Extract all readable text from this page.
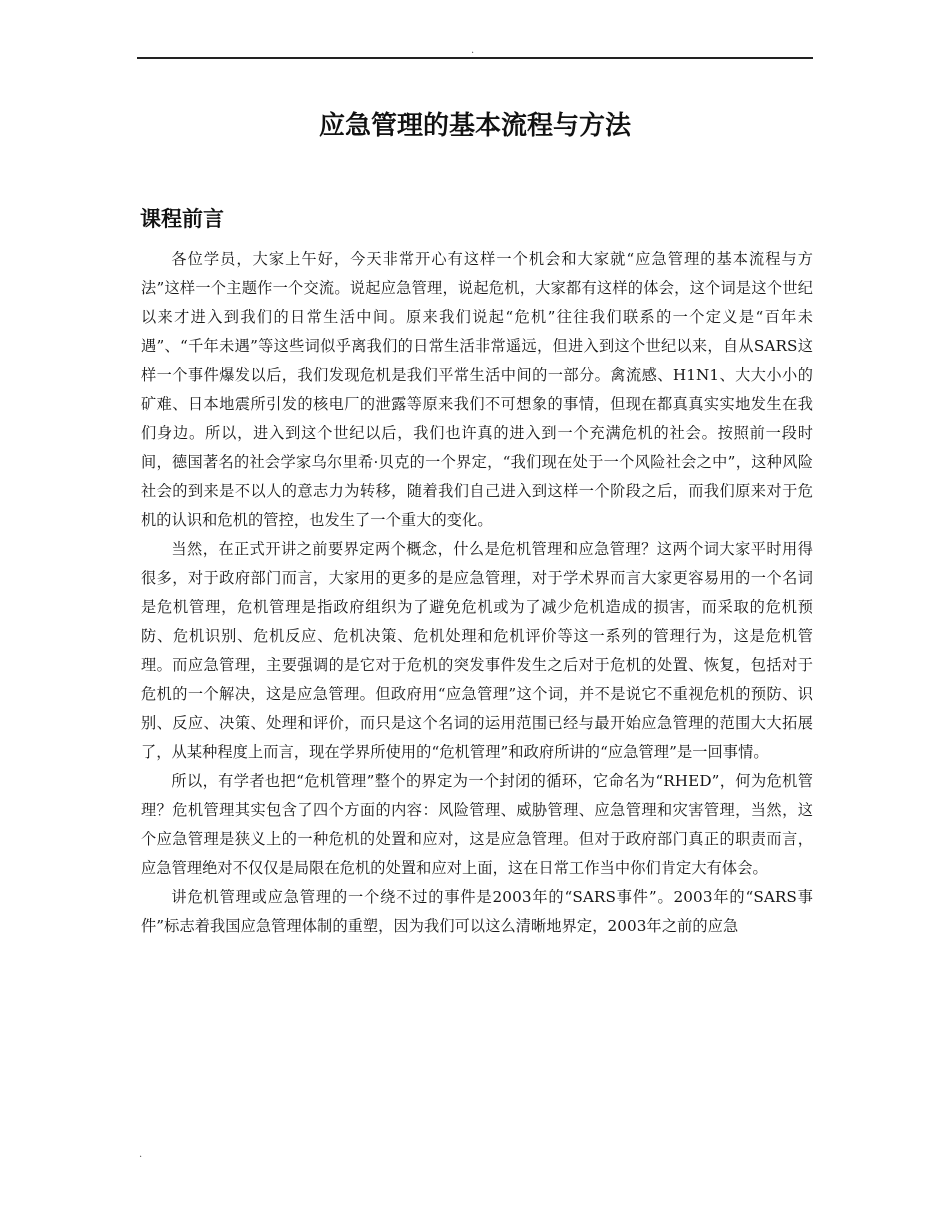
.
应急管理的基本流程与方法
课程前言

各位学员，大家上午好，今天非常开心有这样一个机会和大家就“应急管理的基本流程与方法”这样一个主题作一个交流。说起应急管理，说起危机，大家都有这样的体会，这个词是这个世纪以来才进入到我们的日常生活中间。原来我们说起“危机”往往我们联系的一个定义是“百年未遇”、“千年未遇”等这些词似乎离我们的日常生活非常遥远，但进入到这个世纪以来，自从SARS这样一个事件爆发以后，我们发现危机是我们平常生活中间的一部分。禽流感、H1N1、大大小小的矿难、日本地震所引发的核电厂的泄露等原来我们不可想象的事情，但现在都真真实实地发生在我们身边。所以，进入到这个世纪以后，我们也许真的进入到一个充满危机的社会。按照前一段时间，德国著名的社会学家乌尔里希·贝克的一个界定，“我们现在处于一个风险社会之中”，这种风险社会的到来是不以人的意志力为转移，随着我们自己进入到这样一个阶段之后，而我们原来对于危机的认识和危机的管控，也发生了一个重大的变化。

当然，在正式开讲之前要界定两个概念，什么是危机管理和应急管理？这两个词大家平时用得很多，对于政府部门而言，大家用的更多的是应急管理，对于学术界而言大家更容易用的一个名词是危机管理，危机管理是指政府组织为了避免危机或为了减少危机造成的损害，而采取的危机预防、危机识别、危机反应、危机决策、危机处理和危机评价等这一系列的管理行为，这是危机管理。而应急管理，主要强调的是它对于危机的突发事件发生之后对于危机的处置、恢复，包括对于危机的一个解决，这是应急管理。但政府用“应急管理”这个词，并不是说它不重视危机的预防、识别、反应、决策、处理和评价，而只是这个名词的运用范围已经与最开始应急管理的范围大大拓展了，从某种程度上而言，现在学界所使用的“危机管理”和政府所讲的“应急管理”是一回事情。

所以，有学者也把“危机管理”整个的界定为一个封闭的循环，它命名为“RHED”，何为危机管理？危机管理其实包含了四个方面的内容：风险管理、威胁管理、应急管理和灾害管理，当然，这个应急管理是狭义上的一种危机的处置和应对，这是应急管理。但对于政府部门真正的职责而言，应急管理绝对不仅仅是局限在危机的处置和应对上面，这在日常工作当中你们肯定大有体会。

讲危机管理或应急管理的一个绕不过的事件是2003年的“SARS事件”。2003年的“SARS事件”标志着我国应急管理体制的重塑，因为我们可以这么清晰地界定，2003年之前的应急

.
